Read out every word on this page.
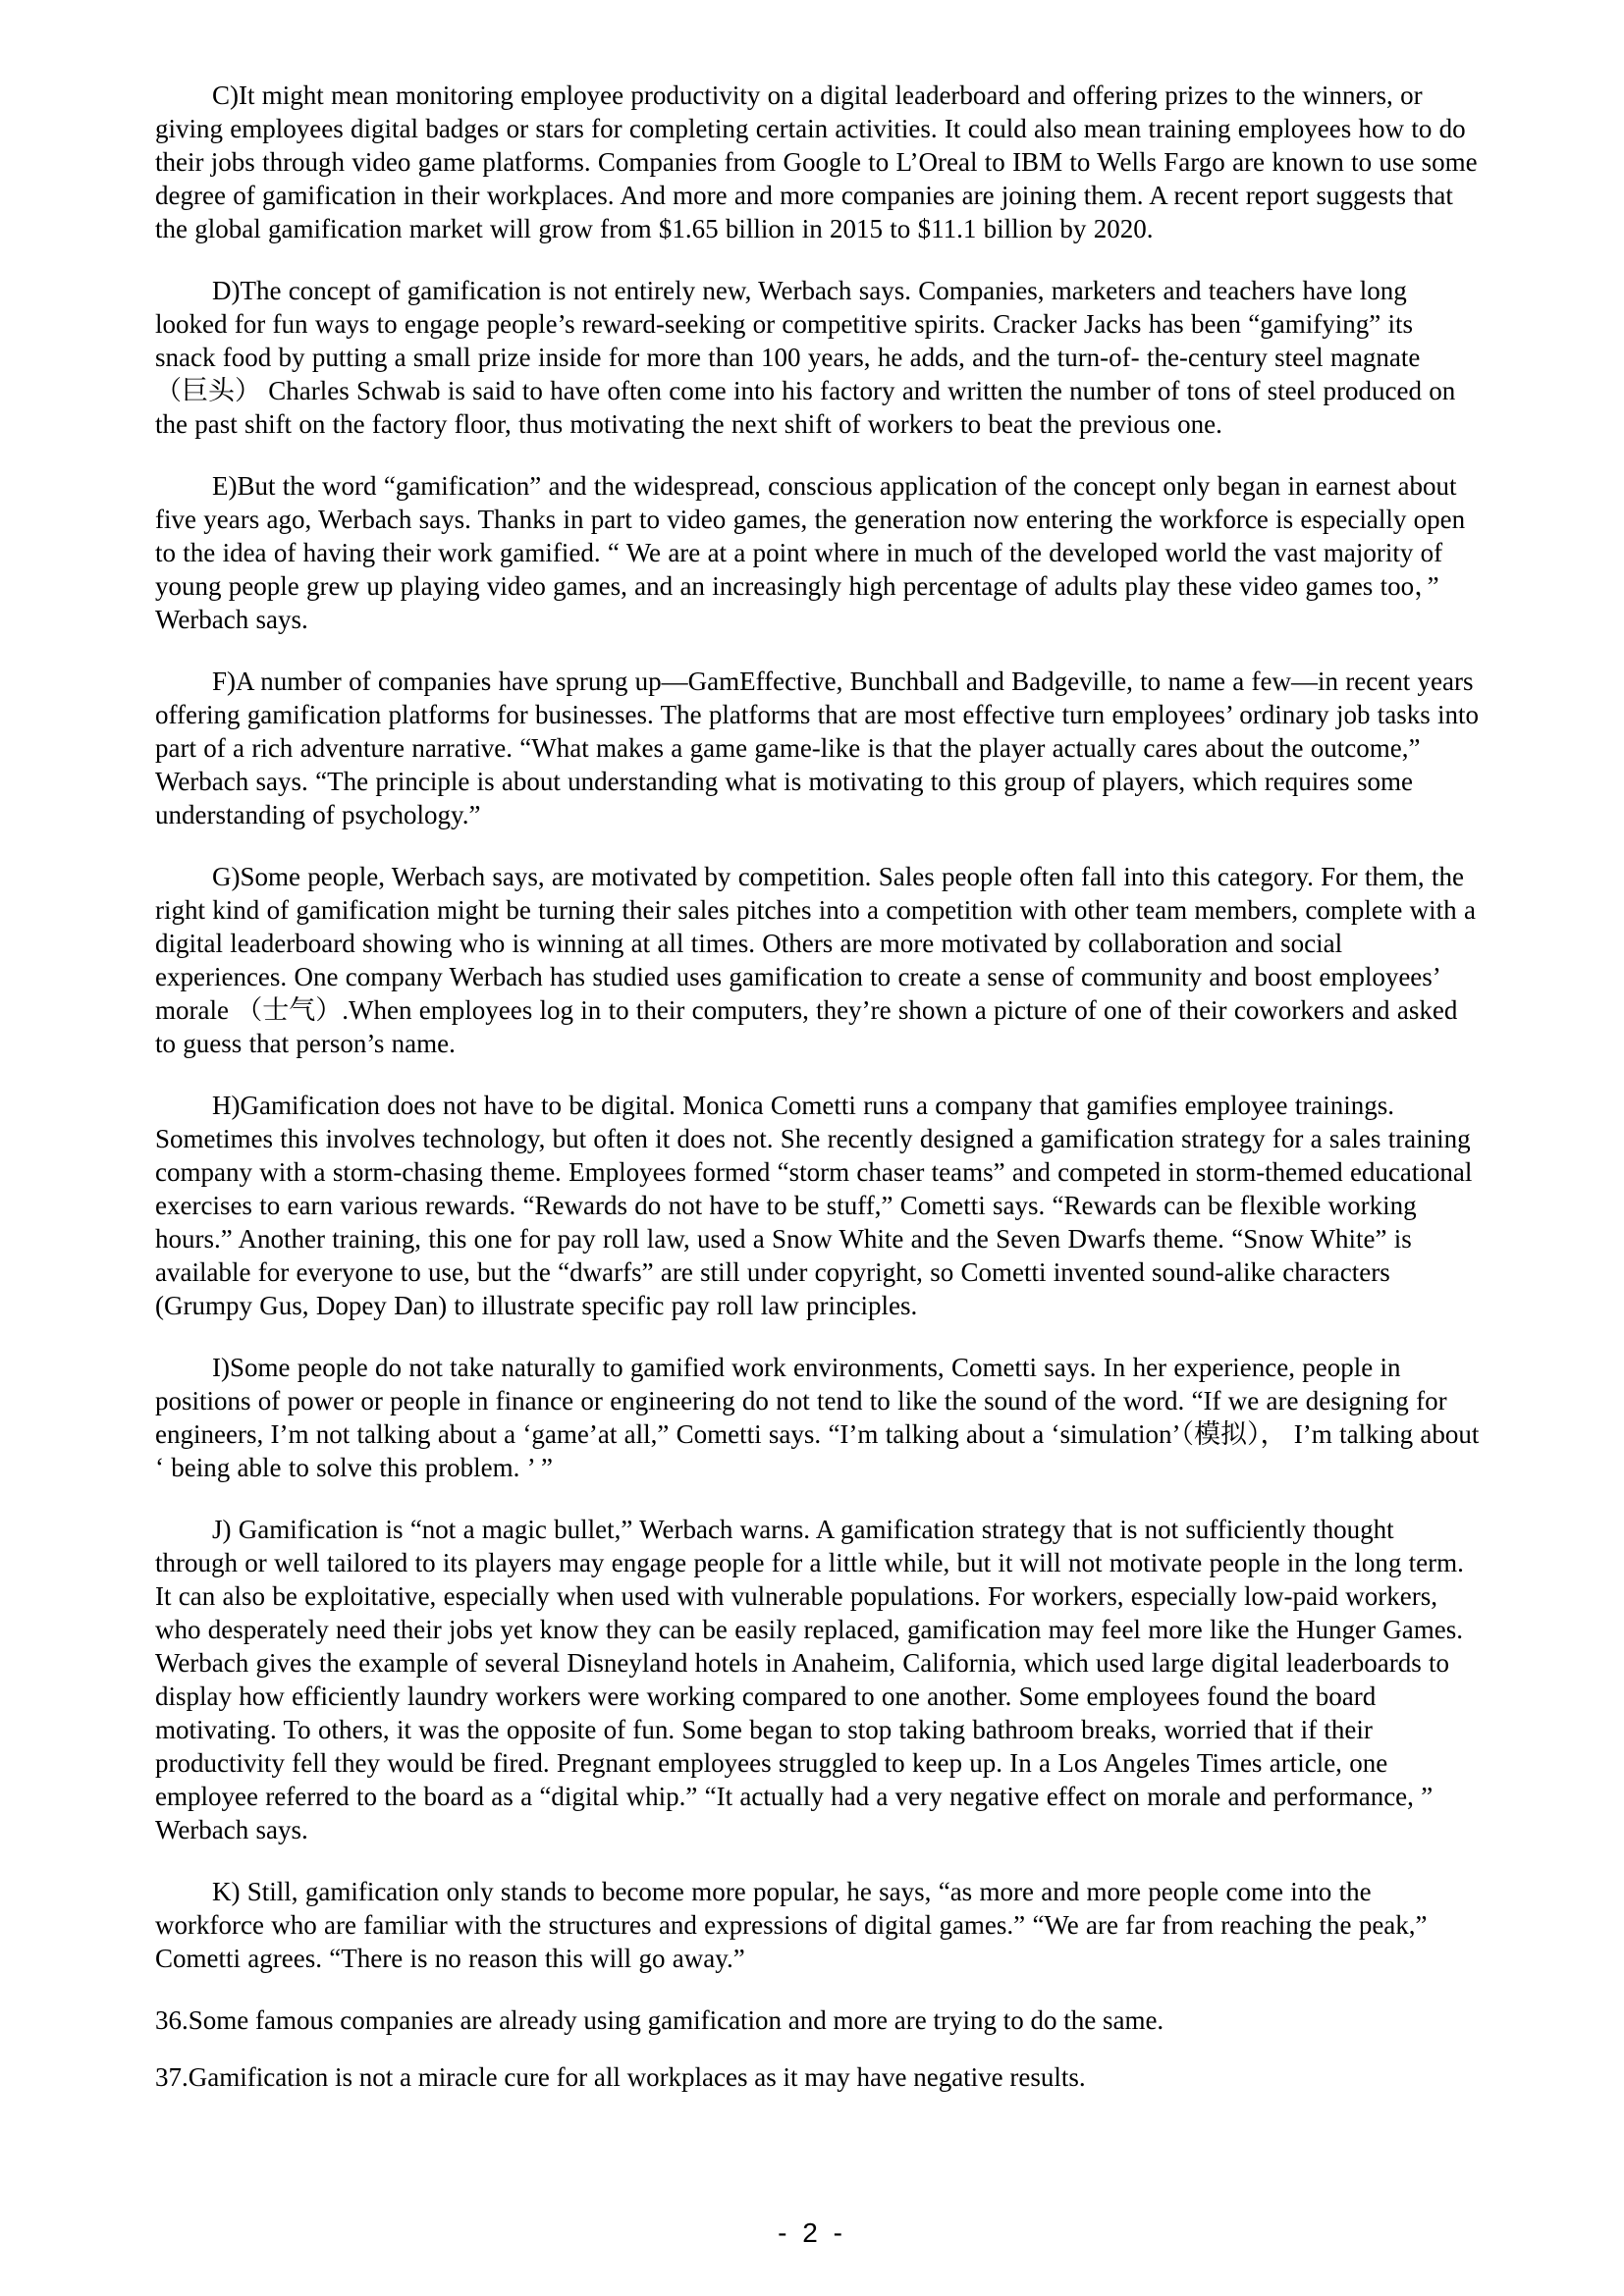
C)It might mean monitoring employee productivity on a digital leaderboard and offering prizes to the winners, or giving employees digital badges or stars for completing certain activities. It could also mean training employees how to do their jobs through video game platforms. Companies from Google to L’Oreal to IBM to Wells Fargo are known to use some degree of gamification in their workplaces. And more and more companies are joining them. A recent report suggests that the global gamification market will grow from $1.65 billion in 2015 to $11.1 billion by 2020.

D)The concept of gamification is not entirely new, Werbach says. Companies, marketers and teachers have long looked for fun ways to engage people’s reward-seeking or competitive spirits. Cracker Jacks has been “gamifying” its snack food by putting a small prize inside for more than 100 years, he adds, and the turn-of- the-century steel magnate （巨头） Charles Schwab is said to have often come into his factory and written the number of tons of steel produced on the past shift on the factory floor, thus motivating the next shift of workers to beat the previous one.

E)But the word “gamification” and the widespread, conscious application of the concept only began in earnest about five years ago, Werbach says. Thanks in part to video games, the generation now entering the workforce is especially open to the idea of having their work gamified. “ We are at a point where in much of the developed world the vast majority of young people grew up playing video games, and an increasingly high percentage of adults play these video games too，” Werbach says.

F)A number of companies have sprung up—GamEffective, Bunchball and Badgeville, to name a few—in recent years offering gamification platforms for businesses. The platforms that are most effective turn employees’ ordinary job tasks into part of a rich adventure narrative. “What makes a game game-like is that the player actually cares about the outcome,” Werbach says. “The principle is about understanding what is motivating to this group of players, which requires some understanding of psychology.”

G)Some people, Werbach says, are motivated by competition. Sales people often fall into this category. For them, the right kind of gamification might be turning their sales pitches into a competition with other team members, complete with a digital leaderboard showing who is winning at all times. Others are more motivated by collaboration and social experiences. One company Werbach has studied uses gamification to create a sense of community and boost employees’ morale （士气）.When employees log in to their computers, they’re shown a picture of one of their coworkers and asked to guess that person’s name.

H)Gamification does not have to be digital. Monica Cometti runs a company that gamifies employee trainings. Sometimes this involves technology, but often it does not. She recently designed a gamification strategy for a sales training company with a storm-chasing theme. Employees formed “storm chaser teams” and competed in storm-themed educational exercises to earn various rewards. “Rewards do not have to be stuff,” Cometti says. “Rewards can be flexible working hours.” Another training, this one for pay roll law, used a Snow White and the Seven Dwarfs theme. “Snow White” is available for everyone to use, but the “dwarfs” are still under copyright, so Cometti invented sound-alike characters (Grumpy Gus, Dopey Dan) to illustrate specific pay roll law principles.

I)Some people do not take naturally to gamified work environments, Cometti says. In her experience, people in positions of power or people in finance or engineering do not tend to like the sound of the word. “If we are designing for engineers, I’m not talking about a ‘game’at all,” Cometti says. “I’m talking about a ‘simulation’（模拟）， I’m talking about ‘ being able to solve this problem. ’ ”

J) Gamification is “not a magic bullet,” Werbach warns. A gamification strategy that is not sufficiently thought through or well tailored to its players may engage people for a little while, but it will not motivate people in the long term. It can also be exploitative, especially when used with vulnerable populations. For workers, especially low-paid workers, who desperately need their jobs yet know they can be easily replaced, gamification may feel more like the Hunger Games. Werbach gives the example of several Disneyland hotels in Anaheim, California, which used large digital leaderboards to display how efficiently laundry workers were working compared to one another. Some employees found the board motivating. To others, it was the opposite of fun. Some began to stop taking bathroom breaks, worried that if their productivity fell they would be fired. Pregnant employees struggled to keep up. In a Los Angeles Times article, one employee referred to the board as a “digital whip.” “It actually had a very negative effect on morale and performance, ” Werbach says.

K) Still, gamification only stands to become more popular, he says, “as more and more people come into the workforce who are familiar with the structures and expressions of digital games.” “We are far from reaching the peak,” Cometti agrees. “There is no reason this will go away.”

36.Some famous companies are already using gamification and more are trying to do the same.

37.Gamification is not a miracle cure for all workplaces as it may have negative results.

- 2 -
